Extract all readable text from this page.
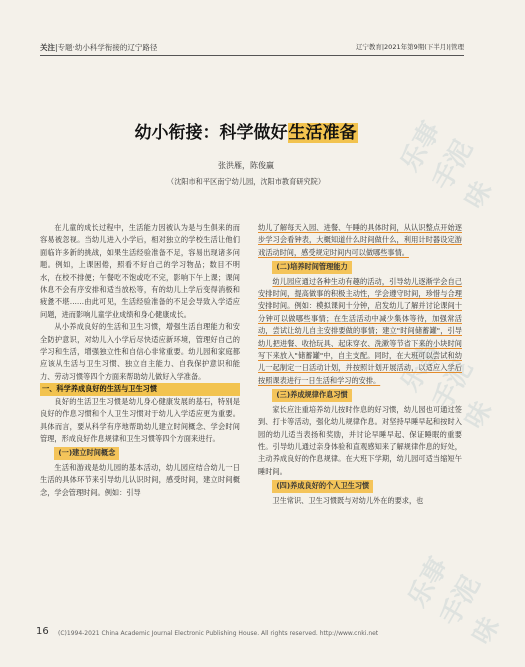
乐事手泥味
乐事手泥味
乐事手泥味
关注|专题·幼小科学衔接的辽宁路径	辽宁教育|2021年第9期(下半月)|管理
幼小衔接：科学做好生活准备
张洪雁，陈俊赢
（沈阳市和平区南宁幼儿园，沈阳市教育研究院）

在儿童的成长过程中，生活能力因被认为是与生俱来的而容易被忽视。当幼儿进入小学后，相对独立的学校生活让他们面临许多新的挑战，如果生活经验准备不足，容易出现诸多问题。例如，上课困倦，照看不好自己的学习物品；数目不明水，在校不排便；午餐吃不饱或吃不完，影响下午上课；课间休息不会有序安排和适当放松等，有的幼儿上学后变得消极和疲惫不堪……由此可见，生活经验准备的不足会导致入学适应问题，进而影响儿童学业成绩和身心健康成长。

从小养成良好的生活和卫生习惯，增强生活自理能力和安全防护意识，对幼儿入小学后尽快适应新环境，管理好自己的学习和生活，增强独立性和自信心非常重要。幼儿园和家庭都应该从生活与卫生习惯、独立自主能力、自我保护意识和能力、劳动习惯等四个方面来帮助幼儿做好入学准备。

一、科学养成良好的生活与卫生习惯

良好的生活卫生习惯是幼儿身心健康发展的基石，特别是良好的作息习惯和个人卫生习惯对于幼儿入学适应更为重要。具体而言，要从科学有序地帮助幼儿建立时间概念、学会时间管理，形成良好作息规律和卫生习惯等四个方面来进行。

(一)建立时间概念

生活和游戏是幼儿园的基本活动，幼儿园应结合幼儿一日生活的具体环节来引导幼儿认识时间，感受时间，建立时间概念，学会管理时间。例如：引导

幼儿了解每天入园、进餐、午睡的具体时间，从认识整点开始逐步学习会看钟表，大概知道什么时间做什么，利用计时器设定游戏活动时间，感受规定时间内可以做哪些事情。

(二)培养时间管理能力

幼儿园应通过各种生动有趣的活动，引导幼儿逐渐学会自己安排时间，提高做事的积极主动性，学会遵守时间，珍惜与合理安排时间。例如：模拟课间十分钟，启发幼儿了解并讨论课间十分钟可以做哪些事情；在生活活动中减少集体等待，加强常活动，尝试让幼儿自主安排要做的事情；建立"时间储蓄罐"，引导幼儿把进餐、收拾玩具、起床穿衣、洗漱等节省下来的小块时间写下来放入"储蓄罐"中，自主支配。同时，在大班可以尝试和幼儿一起制定一日活动计划，并按照计划开展活动，以适应入学后按照课表进行一日生活和学习的安排。

(三)养成规律作息习惯

家长应注重培养幼儿按时作息的好习惯，幼儿园也可通过签到、打卡等活动，强化幼儿规律作息。对坚持早睡早起和按时入园的幼儿适当表扬和奖励，并讨论早睡早起、保证睡眠的重要性。引导幼儿通过亲身体验和直观感知来了解规律作息的好处，主动养成良好的作息规律。在大班下学期，幼儿园可适当缩短午睡时间。

(四)养成良好的个人卫生习惯

卫生常识、卫生习惯既与对幼儿外在的要求，也

16 (C)1994-2021 China Academic Journal Electronic Publishing House. All rights reserved. http://www.cnki.net
